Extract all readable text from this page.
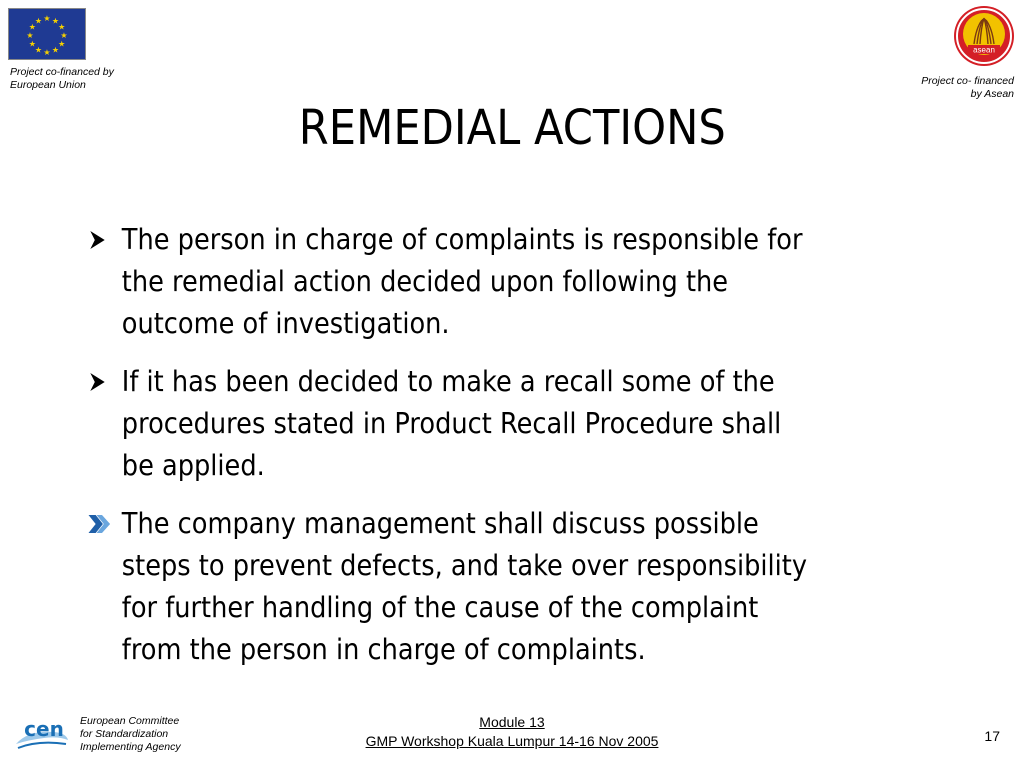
★ ★
★
★
★
★
★
★
★
★
★
★
Project co-financed by
European Union
asean
Project co- financed
by Asean
REMEDIAL ACTIONS
The person in charge of complaints is responsible for
the remedial action decided upon following the
outcome of investigation.
If it has been decided to make a recall some of the
procedures stated in Product Recall Procedure shall
be applied.
The company management shall discuss possible
steps to prevent defects, and take over responsibility
for further handling of the cause of the complaint
from the person in charge of complaints.
cen European Committee
for Standardization
Implementing Agency
Module 13
GMP Workshop Kuala Lumpur 14-16 Nov 2005	17
